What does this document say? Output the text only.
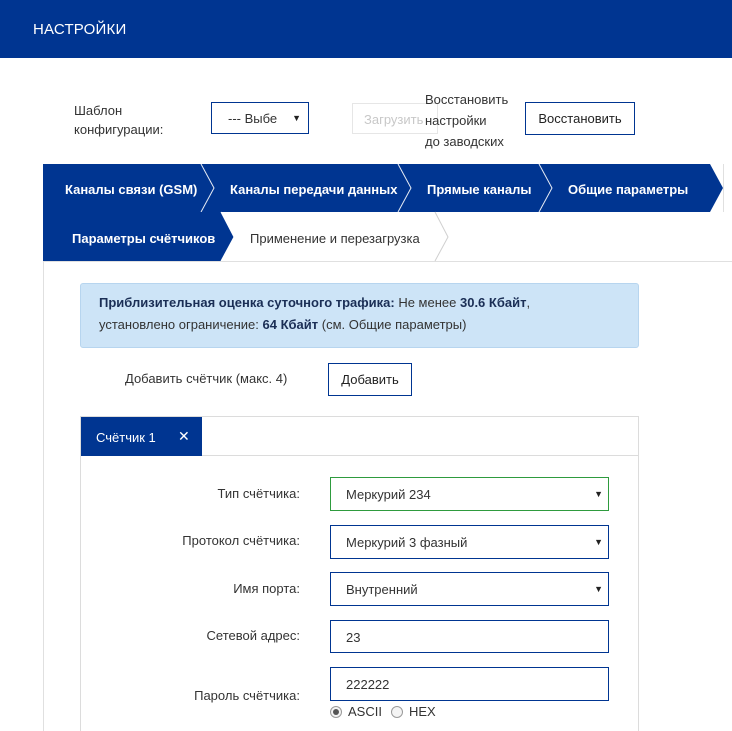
НАСТРОЙКИ
Шаблон
конфигурации:
--- Выбе ▼	Загрузить
Восстановить
настройки
до заводских
Восстановить
Каналы связи (GSM)	Каналы передачи данных Прямые каналы	Общие параметры
Параметры счётчиков	Применение и перезагрузка
Приблизительная оценка суточного трафика: Не менее 30.6 Кбайт,
установлено ограничение: 64 Кбайт (см. Общие параметры)
Добавить счётчик (макс. 4)	Добавить
Счётчик 1 ✕
Тип счётчика:	Меркурий 234	▼
Протокол счётчика:	Меркурий 3 фазный	▼
Имя порта:	Внутренний	▼
Сетевой адрес:	23
Пароль счётчика:
222222
ASCII HEX
